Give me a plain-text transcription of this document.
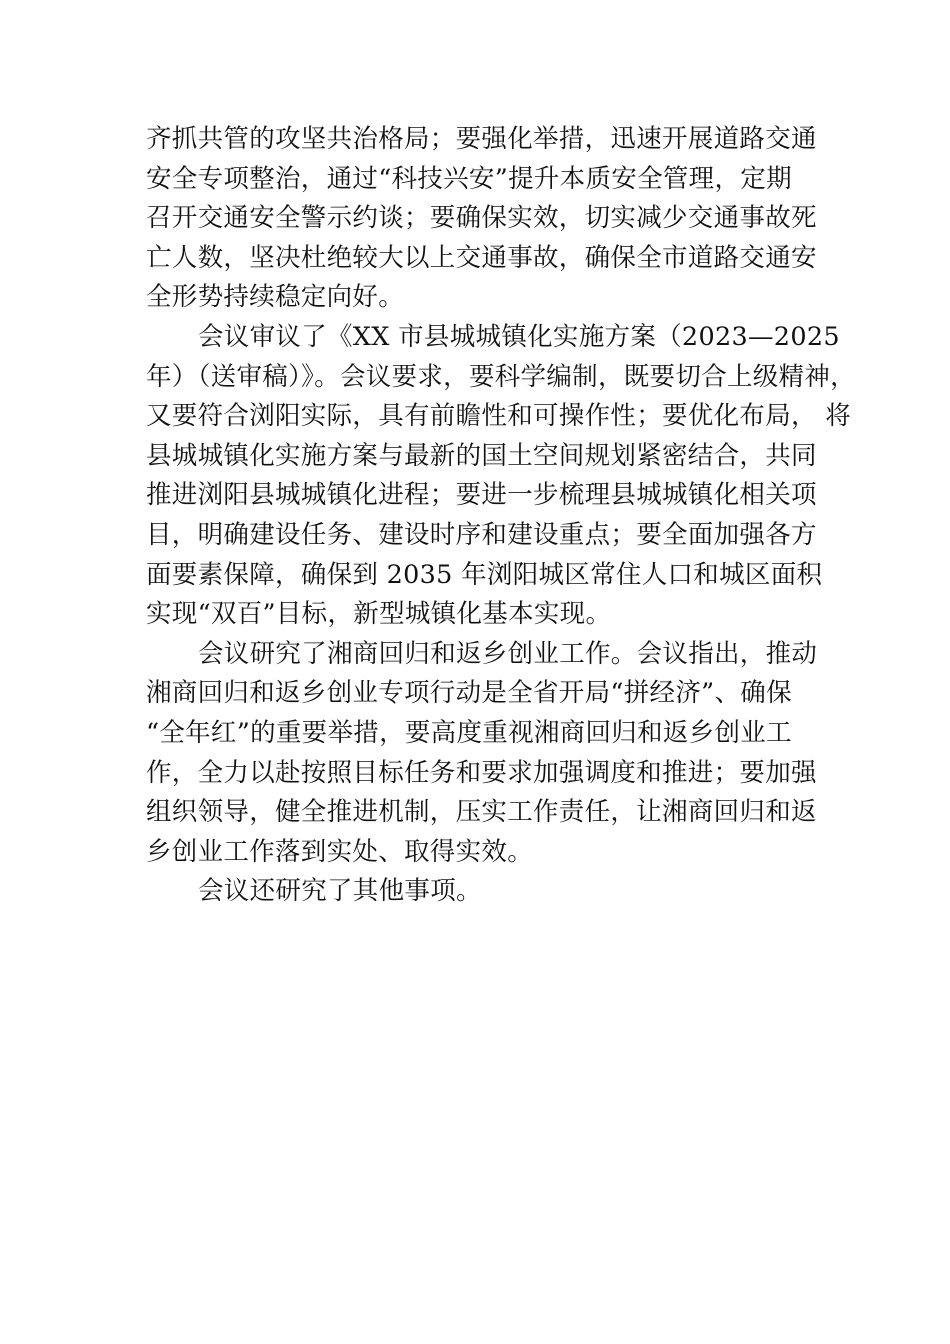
齐抓共管的攻坚共治格局；要强化举措，迅速开展道路交通
安全专项整治，通过“科技兴安”提升本质安全管理，定期
召开交通安全警示约谈；要确保实效，切实减少交通事故死
亡人数，坚决杜绝较大以上交通事故，确保全市道路交通安
全形势持续稳定向好。
会议审议了《XX 市县城城镇化实施方案（2023—2025
年）（送审稿）》。会议要求，要科学编制，既要切合上级精神，
又要符合浏阳实际，具有前瞻性和可操作性；要优化布局， 将
县城城镇化实施方案与最新的国土空间规划紧密结合，共同
推进浏阳县城城镇化进程；要进一步梳理县城城镇化相关项
目，明确建设任务、建设时序和建设重点；要全面加强各方
面要素保障，确保到 2035 年浏阳城区常住人口和城区面积
实现“双百”目标，新型城镇化基本实现。
会议研究了湘商回归和返乡创业工作。会议指出，推动
湘商回归和返乡创业专项行动是全省开局“拼经济”、确保
“全年红”的重要举措，要高度重视湘商回归和返乡创业工
作，全力以赴按照目标任务和要求加强调度和推进；要加强
组织领导，健全推进机制，压实工作责任，让湘商回归和返
乡创业工作落到实处、取得实效。
会议还研究了其他事项。
